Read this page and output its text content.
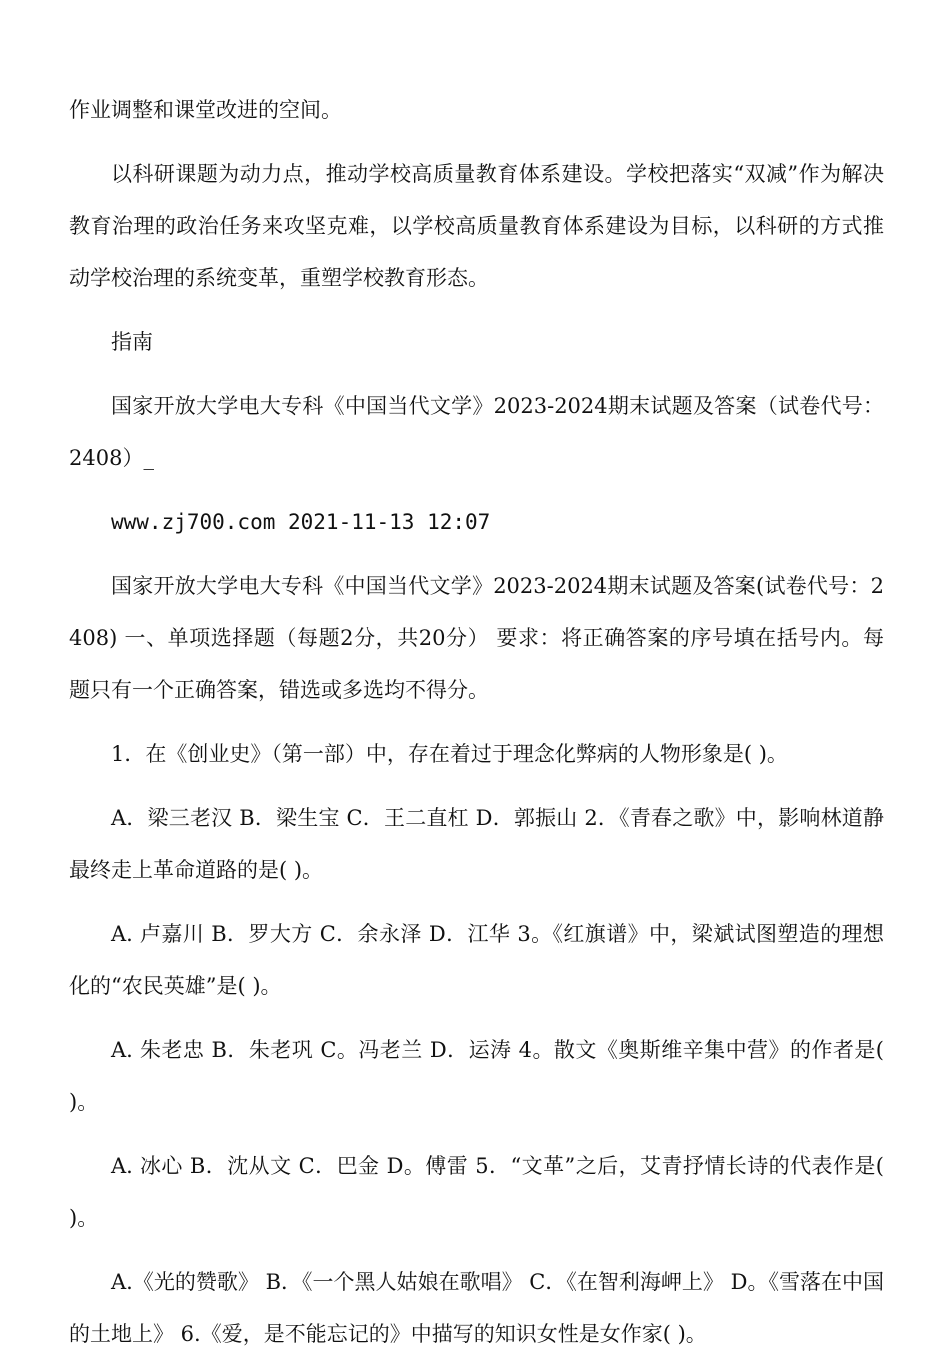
作业调整和课堂改进的空间。

以科研课题为动力点，推动学校高质量教育体系建设。学校把落实“双减”作为解决教育治理的政治任务来攻坚克难，以学校高质量教育体系建设为目标，以科研的方式推动学校治理的系统变革，重塑学校教育形态。

指南

国家开放大学电大专科《中国当代文学》2023-2024期末试题及答案（试卷代号：2408）_

www.zj700.com 2021-11-13 12:07

国家开放大学电大专科《中国当代文学》2023-2024期末试题及答案(试卷代号：2408) 一、单项选择题（每题2分，共20分） 要求：将正确答案的序号填在括号内。每题只有一个正确答案，错选或多选均不得分。

1．在《创业史》（第一部）中，存在着过于理念化弊病的人物形象是( )。

A．梁三老汉 B．梁生宝 C．王二直杠 D．郭振山 2．《青春之歌》中，影响林道静最终走上革命道路的是( )。

A. 卢嘉川 B．罗大方 C．余永泽 D．江华 3。《红旗谱》中，梁斌试图塑造的理想化的“农民英雄”是( )。

A. 朱老忠 B．朱老巩 C。冯老兰 D．运涛 4。散文《奥斯维辛集中营》的作者是( )。

A. 冰心 B．沈从文 C．巴金 D。傅雷 5．“文革”之后，艾青抒情长诗的代表作是( )。

A.《光的赞歌》 B．《一个黑人姑娘在歌唱》 C．《在智利海岬上》 D。《雪落在中国的土地上》 6.《爱，是不能忘记的》中描写的知识女性是女作家( )。
